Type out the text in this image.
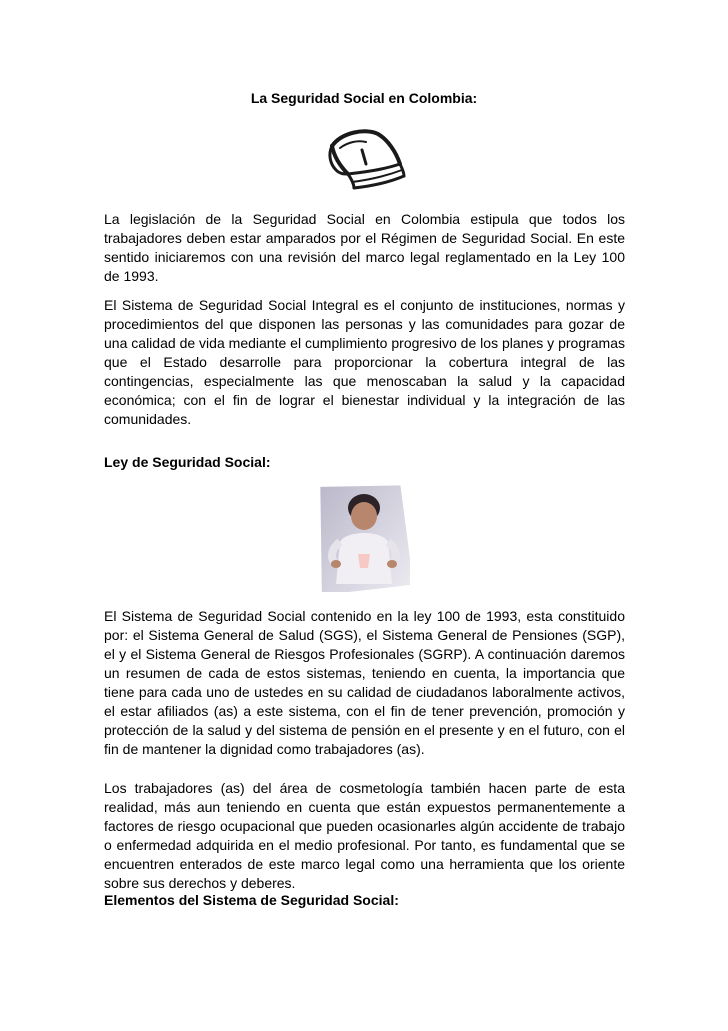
La Seguridad Social en Colombia:

La legislación de la Seguridad Social en Colombia estipula que todos los trabajadores deben estar amparados por el Régimen de Seguridad Social. En este sentido iniciaremos con una revisión del marco legal reglamentado en la Ley 100 de 1993.

El Sistema de Seguridad Social Integral es el conjunto de instituciones, normas y procedimientos del que disponen las personas y las comunidades para gozar de una calidad de vida mediante el cumplimiento progresivo de los planes y programas que el Estado desarrolle para proporcionar la cobertura integral de las contingencias, especialmente las que menoscaban la salud y la capacidad económica; con el fin de lograr el bienestar individual y la integración de las comunidades.

Ley de Seguridad Social:

El Sistema de Seguridad Social contenido en la ley 100 de 1993, esta constituido por: el Sistema General de Salud (SGS), el Sistema General de Pensiones (SGP), el y el Sistema General de Riesgos Profesionales (SGRP). A continuación daremos un resumen de cada de estos sistemas, teniendo en cuenta, la importancia que tiene para cada uno de ustedes en su calidad de ciudadanos laboralmente activos, el estar afiliados (as) a este sistema, con el fin de tener prevención, promoción y protección de la salud y del sistema de pensión en el presente y en el futuro, con el fin de mantener la dignidad como trabajadores (as).

Los trabajadores (as) del área de cosmetología también hacen parte de esta realidad, más aun teniendo en cuenta que están expuestos permanentemente a factores de riesgo ocupacional que pueden ocasionarles algún accidente de trabajo o enfermedad adquirida en el medio profesional. Por tanto, es fundamental que se encuentren enterados de este marco legal como una herramienta que los oriente sobre sus derechos y deberes.

Elementos del Sistema de Seguridad Social:
